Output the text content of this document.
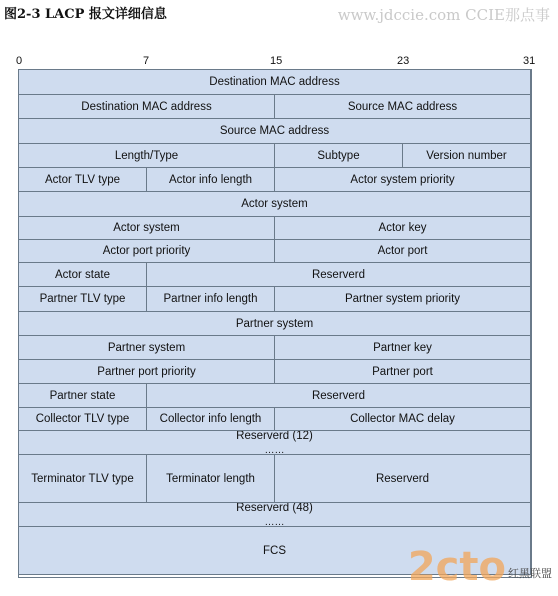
图2-3 LACP 报文详细信息	www.jdccie.com CCIE那点事
0	7	15	23	31
Destination MAC address
Destination MAC address	Source MAC address
Source MAC address
Length/Type	Subtype	Version number
Actor TLV type	Actor info length	Actor system priority
Actor system
Actor system	Actor key
Actor port priority	Actor port
Actor state	Reserverd
Partner TLV type	Partner info length	Partner system priority
Partner system
Partner system	Partner key
Partner port priority	Partner port
Partner state	Reserverd
Collector TLV type	Collector info length	Collector MAC delay
Reserverd (12)
……
Terminator TLV type	Terminator length	Reserverd
Reserverd (48)
……
FCS	2cto 红黑联盟
